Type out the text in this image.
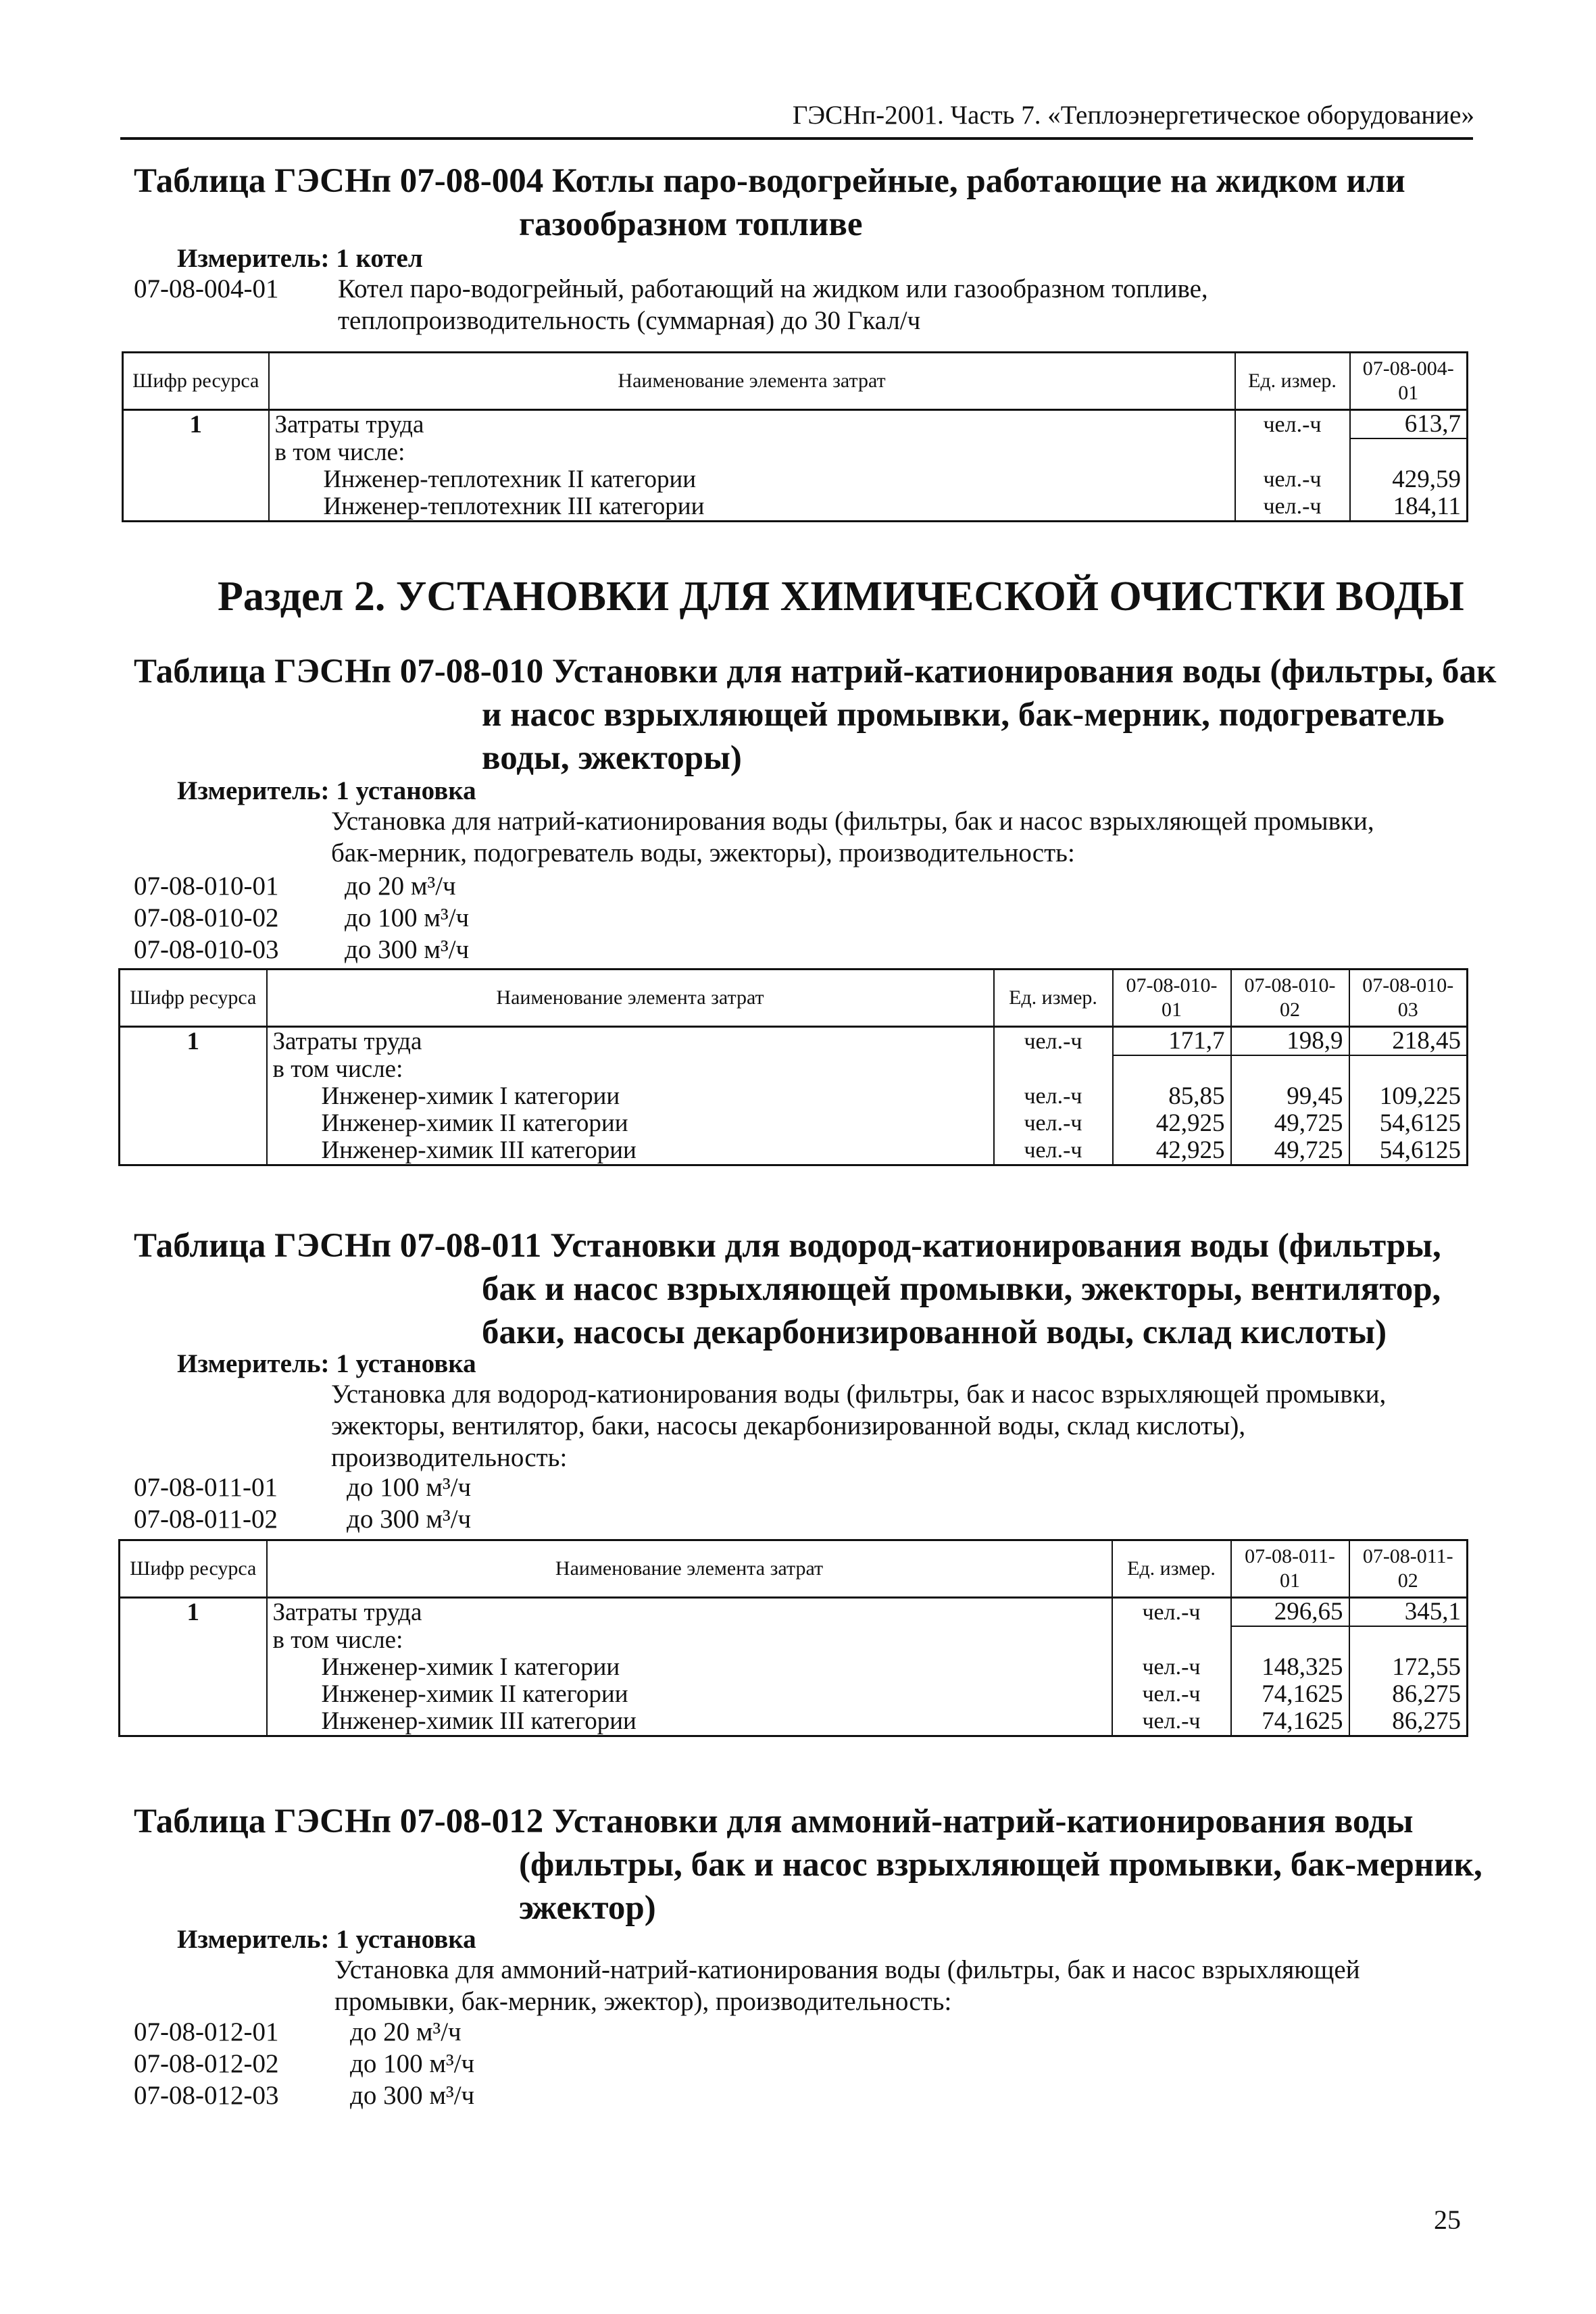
ГЭСНп-2001. Часть 7. «Теплоэнергетическое оборудование»
Таблица ГЭСНп 07-08-004 Котлы паро-водогрейные, работающие на жидком или
газообразном топливе
Измеритель: 1 котел
07-08-004-01 Котел паро-водогрейный, работающий на жидком или газообразном топливе,
теплопроизводительность (суммарная) до 30 Гкал/ч
Шифр ресурса	Наименование элемента затрат	Ед. измер.	07-08-004-01
1	Затраты труда	чел.-ч	613,7
	в том числе:		
	Инженер-теплотехник II категории	чел.-ч	429,59
	Инженер-теплотехник III категории	чел.-ч	184,11
Раздел 2. УСТАНОВКИ ДЛЯ ХИМИЧЕСКОЙ ОЧИСТКИ ВОДЫ
Таблица ГЭСНп 07-08-010 Установки для натрий-катионирования воды (фильтры, бак
и насос взрыхляющей промывки, бак-мерник, подогреватель
воды, эжекторы)
Измеритель: 1 установка
Установка для натрий-катионирования воды (фильтры, бак и насос взрыхляющей промывки,
бак-мерник, подогреватель воды, эжекторы), производительность:
07-08-010-01	до 20 м³/ч
07-08-010-02	до 100 м³/ч
07-08-010-03	до 300 м³/ч
Шифр ресурса	Наименование элемента затрат	Ед. измер.	07-08-010-01	07-08-010-02	07-08-010-03
1	Затраты труда	чел.-ч	171,7	198,9	218,45
	в том числе:				
	Инженер-химик I категории	чел.-ч	85,85	99,45	109,225
	Инженер-химик II категории	чел.-ч	42,925	49,725	54,6125
	Инженер-химик III категории	чел.-ч	42,925	49,725	54,6125
Таблица ГЭСНп 07-08-011 Установки для водород-катионирования воды (фильтры,
бак и насос взрыхляющей промывки, эжекторы, вентилятор,
баки, насосы декарбонизированной воды, склад кислоты)
Измеритель: 1 установка
Установка для водород-катионирования воды (фильтры, бак и насос взрыхляющей промывки,
эжекторы, вентилятор, баки, насосы декарбонизированной воды, склад кислоты),
производительность:
07-08-011-01	до 100 м³/ч
07-08-011-02	до 300 м³/ч
Шифр ресурса	Наименование элемента затрат	Ед. измер.	07-08-011-01	07-08-011-02
1	Затраты труда	чел.-ч	296,65	345,1
	в том числе:			
	Инженер-химик I категории	чел.-ч	148,325	172,55
	Инженер-химик II категории	чел.-ч	74,1625	86,275
	Инженер-химик III категории	чел.-ч	74,1625	86,275
Таблица ГЭСНп 07-08-012 Установки для аммоний-натрий-катионирования воды
(фильтры, бак и насос взрыхляющей промывки, бак-мерник,
эжектор)
Измеритель: 1 установка
Установка для аммоний-натрий-катионирования воды (фильтры, бак и насос взрыхляющей
промывки, бак-мерник, эжектор), производительность:
07-08-012-01	до 20 м³/ч
07-08-012-02	до 100 м³/ч
07-08-012-03	до 300 м³/ч
25
